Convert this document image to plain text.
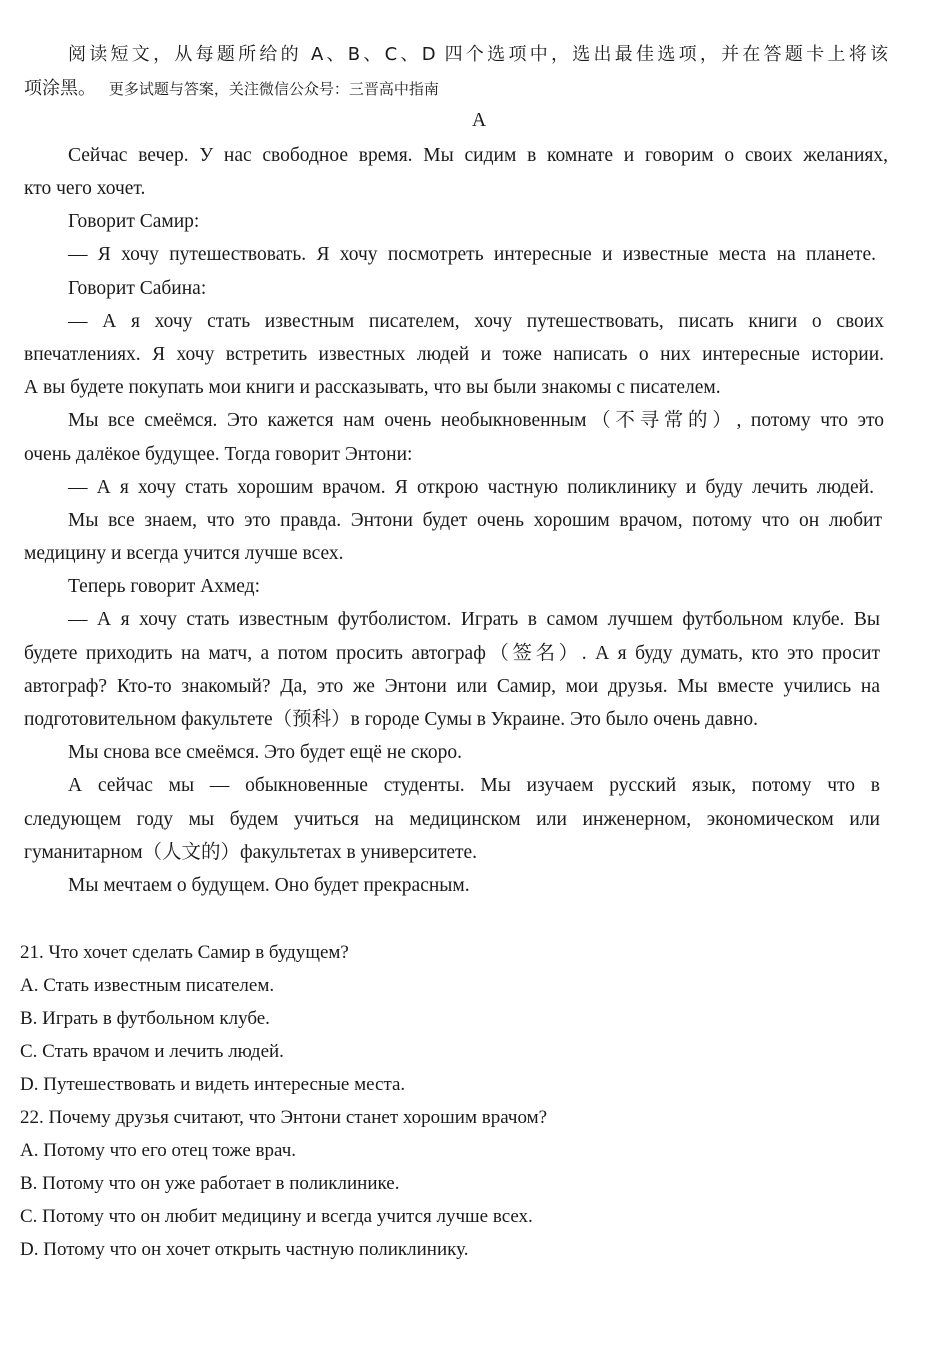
阅读短文，从每题所给的 A、B、C、D 四个选项中，选出最佳选项，并在答题卡上将该
项涂黑。 更多试题与答案，关注微信公众号：三晋高中指南
A
Сейчас вечер. У нас свободное время. Мы сидим в комнате и говорим о своих желаниях,
кто чего хочет.
Говорит Самир:
— Я хочу путешествовать. Я хочу посмотреть интересные и известные места на планете.
Говорит Сабина:
— А я хочу стать известным писателем, хочу путешествовать, писать книги о своих
впечатлениях. Я хочу встретить известных людей и тоже написать о них интересные истории.
А вы будете покупать мои книги и рассказывать, что вы были знакомы с писателем.
Мы все смеёмся. Это кажется нам очень необыкновенным（不寻常的）, потому что это
очень далёкое будущее. Тогда говорит Энтони:
— А я хочу стать хорошим врачом. Я открою частную поликлинику и буду лечить людей.
Мы все знаем, что это правда. Энтони будет очень хорошим врачом, потому что он любит
медицину и всегда учится лучше всех.
Теперь говорит Ахмед:
— А я хочу стать известным футболистом. Играть в самом лучшем футбольном клубе. Вы
будете приходить на матч, а потом просить автограф（签名）. А я буду думать, кто это просит
автограф? Кто-то знакомый? Да, это же Энтони или Самир, мои друзья. Мы вместе учились на
подготовительном факультете（预科）в городе Сумы в Украине. Это было очень давно.
Мы снова все смеёмся. Это будет ещё не скоро.
А сейчас мы — обыкновенные студенты. Мы изучаем русский язык, потому что в
следующем году мы будем учиться на медицинском или инженерном, экономическом или
гуманитарном（人文的）факультетах в университете.
Мы мечтаем о будущем. Оно будет прекрасным.
21. Что хочет сделать Самир в будущем?
A. Стать известным писателем.
B. Играть в футбольном клубе.
C. Стать врачом и лечить людей.
D. Путешествовать и видеть интересные места.
22. Почему друзья считают, что Энтони станет хорошим врачом?
A. Потому что его отец тоже врач.
B. Потому что он уже работает в поликлинике.
C. Потому что он любит медицину и всегда учится лучше всех.
D. Потому что он хочет открыть частную поликлинику.
